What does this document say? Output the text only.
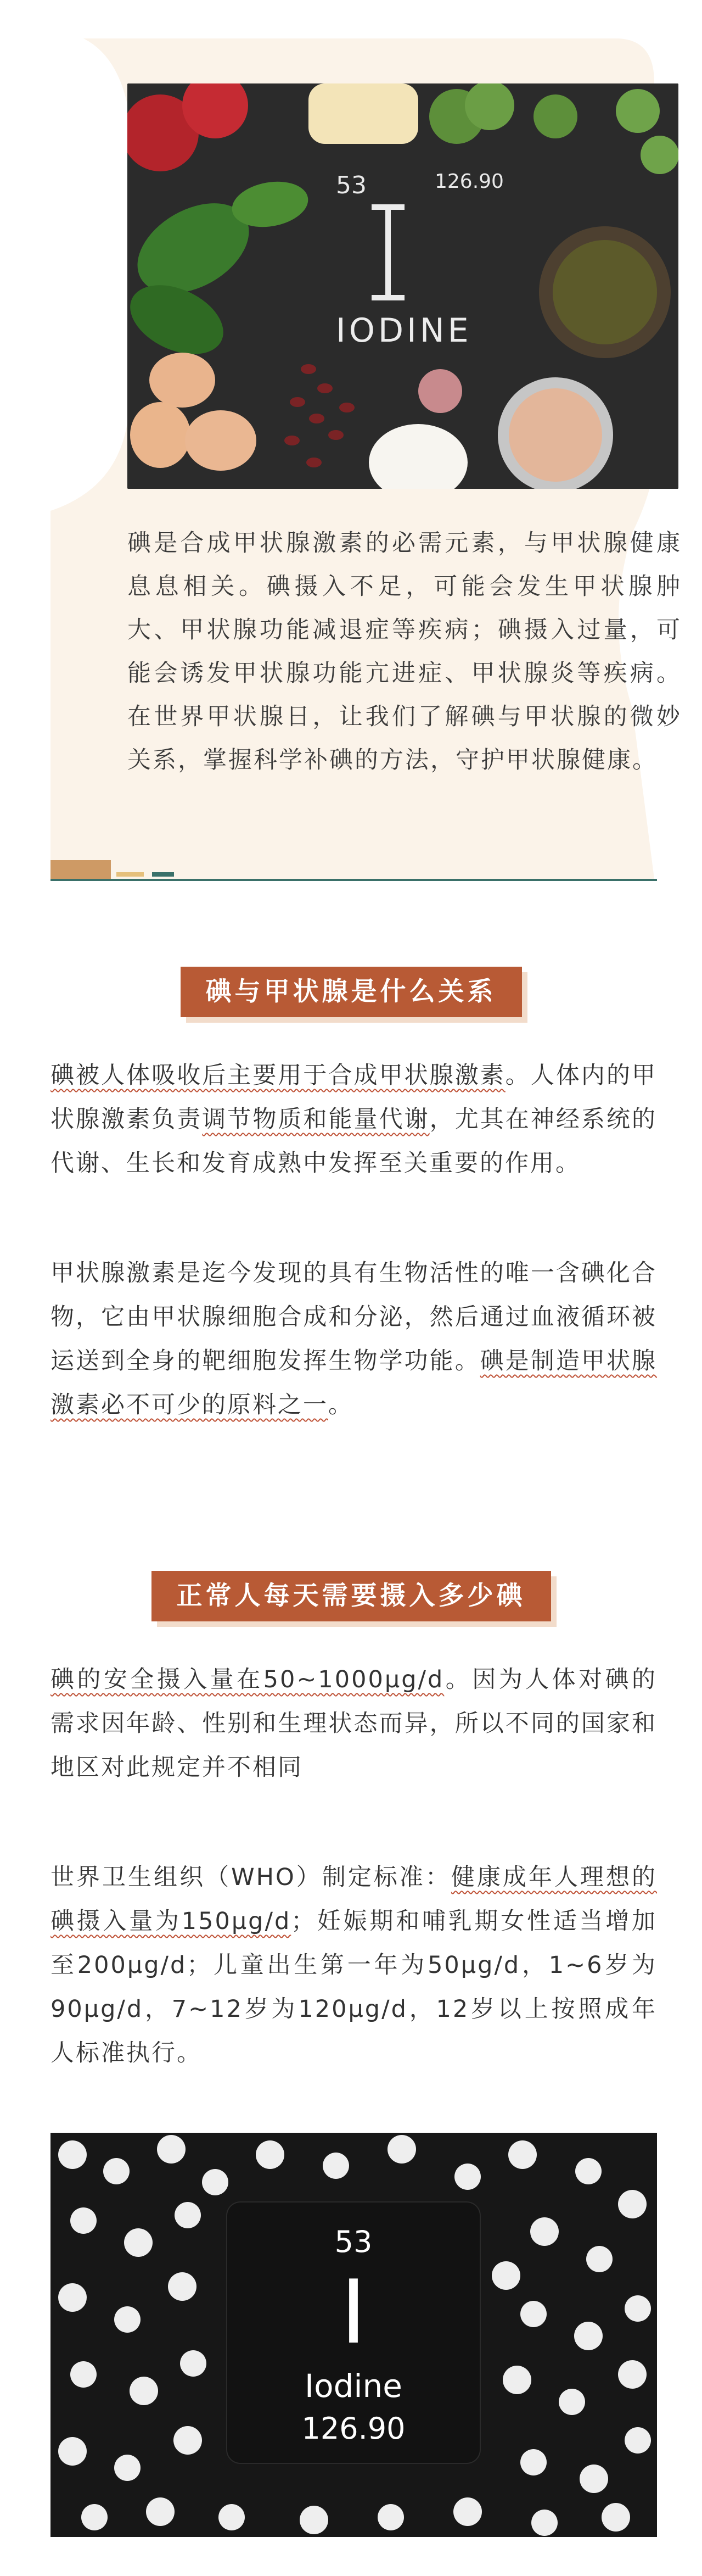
53	126.90
IODINE
碘是合成甲状腺激素的必需元素，与甲状腺健康息息相关。碘摄入不足，可能会发生甲状腺肿大、甲状腺功能减退症等疾病；碘摄入过量，可能会诱发甲状腺功能亢进症、甲状腺炎等疾病。在世界甲状腺日，让我们了解碘与甲状腺的微妙关系，掌握科学补碘的方法，守护甲状腺健康。
碘与甲状腺是什么关系
碘被人体吸收后主要用于合成甲状腺激素。人体内的甲状腺激素负责调节物质和能量代谢，尤其在神经系统的代谢、生长和发育成熟中发挥至关重要的作用。
甲状腺激素是迄今发现的具有生物活性的唯一含碘化合物，它由甲状腺细胞合成和分泌，然后通过血液循环被运送到全身的靶细胞发挥生物学功能。碘是制造甲状腺激素必不可少的原料之一。
正常人每天需要摄入多少碘
碘的安全摄入量在50~1000μg/d。因为人体对碘的需求因年龄、性别和生理状态而异，所以不同的国家和地区对此规定并不相同
世界卫生组织（WHO）制定标准：健康成年人理想的碘摄入量为150μg/d；妊娠期和哺乳期女性适当增加至200μg/d；儿童出生第一年为50μg/d，1~6岁为90μg/d，7~12岁为120μg/d，12岁以上按照成年人标准执行。
53
I
Iodine
126.90
